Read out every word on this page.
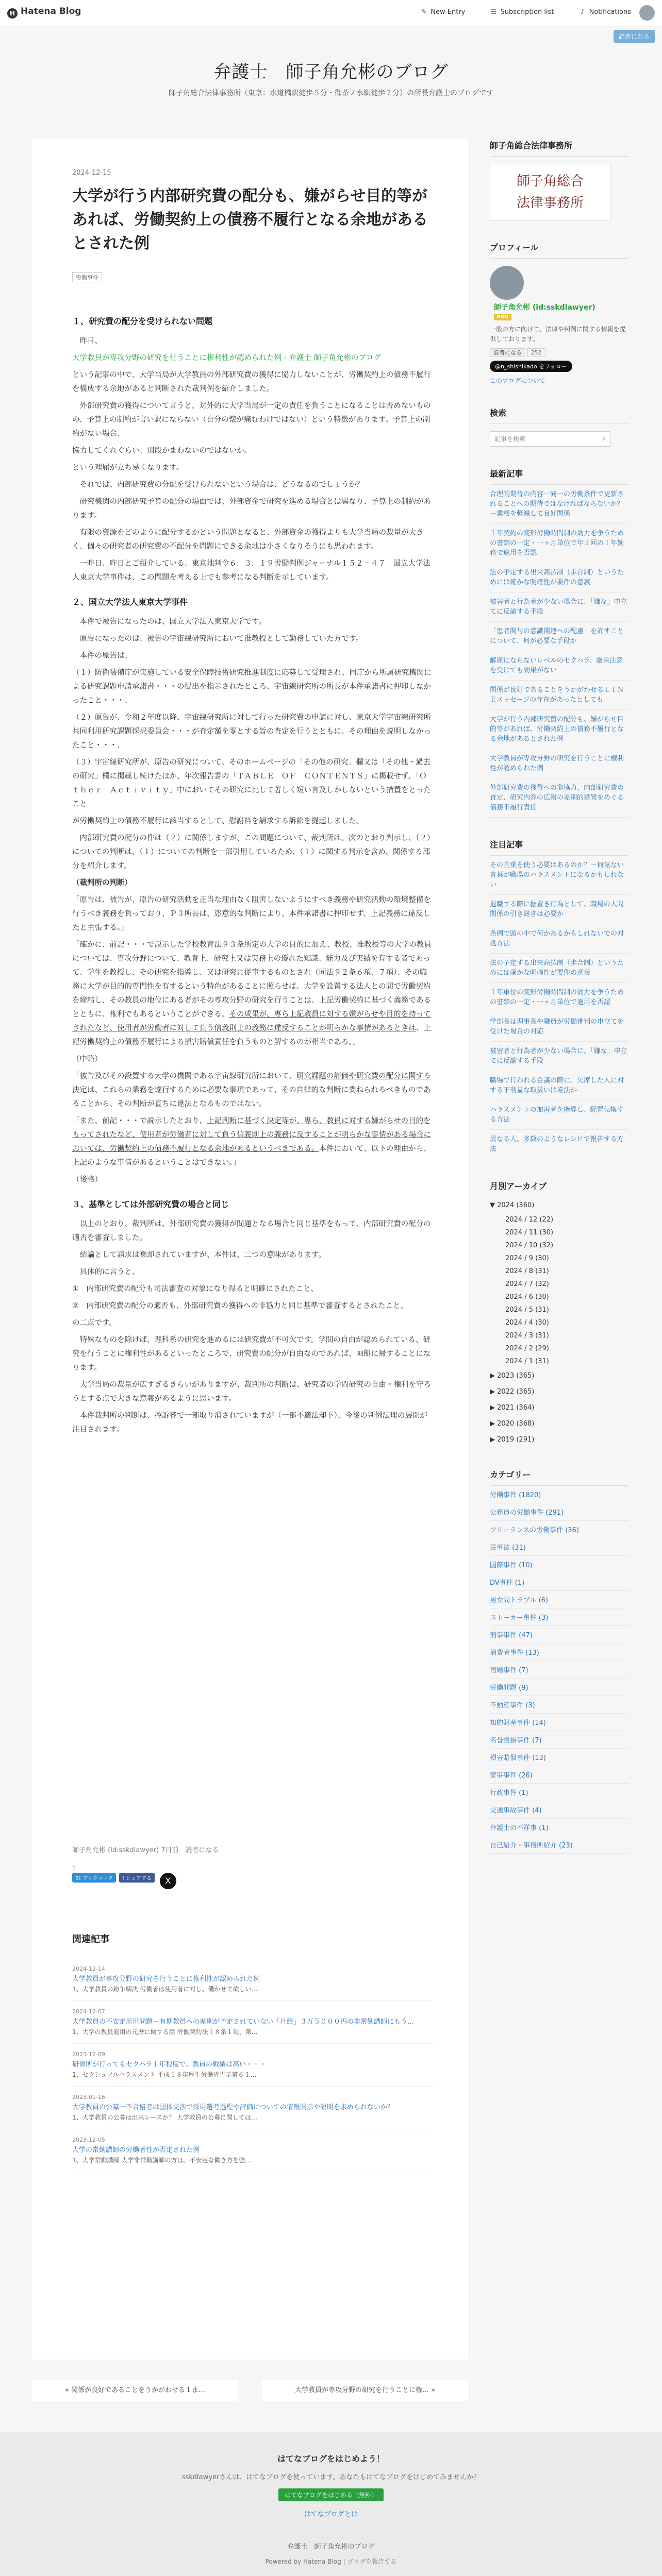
H Hatena Blog	✎ New Entry	☰ Subscription list	♪ Notifications
読者になる
弁護士　師子角允彬のブログ
師子角総合法律事務所（東京：水道橋駅徒歩５分・御茶ノ水駅徒歩７分）の所長弁護士のブログです
2024-12-15
大学が行う内部研究費の配分も、嫌がらせ目的等があれば、労働契約上の債務不履行となる余地があるとされた例
労働事件
１、研究費の配分を受けられない問題

　昨日、

大学教員が専攻分野の研究を行うことに権利性が認められた例 - 弁護士 師子角允彬のブログ

という記事の中で、大学当局が大学教員の外部研究費の獲得に協力しないことが、労働契約上の債務不履行を構成する余地があると判断された裁判例を紹介しました。

　外部研究費の獲得について言うと、対外的に大学当局が一定の責任を負うことになることは否めないものの、予算上の制約が言い訳にならない（自分の懐が痛むわけではない）という特徴があります。予算上の制約がない場合、

協力してくれぐらい、別段かまわないのではないか。

という理屈が立ち易くなります。

　それでは、内部研究費の分配を受けられないという場合は、どうなるのでしょうか？

　研究機関の内部研究予算の配分の場面では、外部資金で研究を進める場合とは異なり、予算上の制約があります。

　有限の資源をどのように配分するかという問題となると、外部資金の獲得よりも大学当局の裁量が大きく、個々の研究者の研究費の不配分を問題にできる余地は小さくなりそうにも思われます。

　一昨日、昨日とご紹介している、東京地判令６．３．１９労働判例ジャーナル１５２－４７　国立大学法人東京大学事件は、この問題を考える上でも参考になる判断を示しています。

２、国立大学法人東京大学事件

　本件で被告になったのは、国立大学法人東京大学です。

　原告になったのは、被告の宇宙線研究所において准教授として勤務していた方です。

　本件の原告は、

（１）防衛装備庁が実施している安全保障技術研究推進制度に応募して受理され、同庁から所属研究機関による研究課題申請承諾書・・・の提出を指示されたところ、宇宙線研究所の所長が本件承諾書に押印しなかったこと・・・、

（２）原告が、令和２年度以降、宇宙線研究所に対して行った研究費の申請に対し、東京大学宇宙線研究所共同利用研究課題採択委員会・・・が査定額を零とする旨の査定を行うとともに、その理由を説明しなかったこと・・・、

（３）宇宙線研究所が、原告の研究について、そのホームページの「その他の研究」欄又は「その他・過去の研究」欄に掲載し続けたほか、年次報告書の「ＴＡＢＬＥ　ＯＦ　ＣＯＮＴＥＮＴＳ」に掲載せず、「Ｏｔｈｅｒ　Ａｃｔｉｖｉｔｙ」中においてその研究に比して著しく短い言及しかしないという措置をとったこと

が労働契約上の債務不履行に該当するとして、慰謝料を請求する訴訟を提起しました。

　内部研究費の配分の件は（２）に関係しますが、この問題について、裁判所は、次のとおり判示し、（２）についての判断は、（１）についての判断を一部引用しているため、（１）に関する判示を含め、関係する部分を紹介します。

（裁判所の判断）

「原告は、被告が、原告の研究活動を正当な理由なく阻害しないようにすべき義務や研究活動の環境整備を行うべき義務を負っており、Ｐ３所長は、恣意的な判断により、本件承諾書に押印せず、上記義務に違反したと主張する。」

「確かに、前記・・・で説示した学校教育法９３条所定の大学の目的に加え、教授、准教授等の大学の教員については、専攻分野について、教育上、研究上又は実務上の優れた知識、能力及び実績を有する者であって、学生を教授し、その研究を指導し、又は研究に従事するものとされ（同法９２条６項、７項）、その職務に大学が目的的専門性を有するという特色があることに照らせば、大学を設置する法人との間で労働契約を締結し、その教員の地位にある者がその専攻分野の研究を行うことは、上記労働契約に基づく義務であるとともに、権利でもあるということができる。その成果が、専ら上記教員に対する嫌がらせや目的を持ってされたなど、使用者が労働者に対して負う信義則上の義務に違反することが明らかな事情があるときは、上記労働契約上の債務不履行による損害賠償責任を負うものと解するのが相当である。」

（中略）

「被告及びその設置する大学の機関である宇宙線研究所において、研究課題の評価や研究費の配分に関する決定は、これらの業務を遂行するために必要な事項であって、その自律的な判断に委ねられるべきものであることから、その判断が直ちに違法となるものではない。

「また、前記・・・で説示したとおり、上記判断に基づく決定等が、専ら、教員に対する嫌がらせの目的をもってされたなど、使用者が労働者に対して負う信義則上の義務に反することが明らかな事情がある場合においては、労働契約上の債務不履行となる余地があるというべきである。本件において、以下の理由から、上記のような事情があるということはできない。」

（後略）

３、基準としては外部研究費の場合と同じ

　以上のとおり、裁判所は、外部研究費の獲得が問題となる場合と同じ基準をもって、内部研究費の配分の適否を審査しました。

　結論として請求は棄却されていますが、本件は、二つの意味があります。

　具体的に言うと、

①　内部研究費の配分も司法審査の対象になり得ると明確にされたこと、

②　内部研究費の配分の適否も、外部研究費の獲得への非協力と同じ基準で審査するとされたこと、

の二点です。

　特殊なものを除けば、理科系の研究を進めるには研究費が不可欠です。学問の自由が認められている、研究を行うことに権利性があるといったところで、研究費の配分が自由なのであれば、画餅に帰することになります。

　大学当局の裁量が広すぎるきらいがありますが、裁判所の判断は、研究者の学問研究の自由・権利を守ろうとする点で大きな意義があるように思います。

　本件裁判所の判断は、控訴審で一部取り消されていますが（一部不適法却下）、今後の判例法理の展開が注目されます。

師子角允彬 (id:sskdlawyer) 7日前　読者になる
1
B! ブックマーク f シェアする X
関連記事
2024-12-14
大学教員が専攻分野の研究を行うことに権利性が認められた例
1、大学教員の紛争解決 労働者は使用者に対し、働かせて欲しい…
2024-12-07
大学教員の不安定雇用問題－有期教員への差別が予定されていない「月給」３万５０００円の非常勤講師にもう…
1、大学の教員雇用の元暦に関する話 労働契約法１８条１項、第…
2023-12-09
研修所が行ってもセクハラ１年程度で、教員の戦績は高い・・・
1、セクシュアルハラスメント 平成１８年厚生労働省告示第６１…
2023-01-16
大学教員の公募一不合格者は団体交渉で採用選考過程や評価についての情報開示や説明を求められないか？
1、大学教員の公募は出来レースか？ 大学教員の公募に関しては…
2023-12-05
大学の常勤講師の労働者性が否定された例
1、大学常勤講師 大学非常勤講師の方は、不安定な働き方を強…
« 関係が良好であることをうかがわせる１ま…	大学教員が専攻分野の研究を行うことに権… »
師子角総合法律事務所
師子角総合
法律事務所
プロフィール
師子角允彬 (id:sskdlawyer)
PRO
一般の方に向けて、法律や判例に関する情報を提供しております。
読者になる 252
@n_shishikado をフォロー
このブログについて
検索
記事を検索
⌕
最新記事
合理的期待の内容－同一の労働条件で更新されることへの期待ではなければならないか？－業務を軽減して良好関係
１年契約の変形労働時間制の効力を争うための書類の一定・一ヶ月単位で年２回の１年勤務で適用を否認
法の予定する出来高払制（歩合制）というためには確かな明確性が要件の意義
被害者と行為者が少ない場合に、「嫌な」申立てに反論する手段
「患者関与の意識関連への配慮」を許すことについて、何が必要な手段か
解雇にならないレベルのセクハラ、厳重注意を受けても効果がない
関係が良好であることをうかがわせるＬＩＮＥメッセージの存在があったとしても
大学が行う内部研究費の配分も、嫌がらせ目的等があれば、労働契約上の債務不履行となる余地があるとされた例
大学教員が専攻分野の研究を行うことに権利性が認められた例
外部研究費の獲得への非協力、内部研究費の査定、研究内容の広報の差別的措置をめぐる債務不履行責任
注目記事
その言葉を使う必要はあるのか？－何気ない言葉が職場のハラスメントになるかもしれない
退職する際に据置き行為として、職場の人間関係の引き継ぎは必要か
条例で頭の中で何かあるかもしれないでの対処方法
法の予定する出来高払制（歩合制）というためには確かな明確性が要件の意義
１年単位の変形労働時間制の効力を争うための書類の一定・一ヶ月単位で適用を否認
学部長は理事長や職員が労働審判の申立てを受けた場合の対応
被害者と行為者が少ない場合に、「嫌な」申立てに反論する手段
職場で行われる会議の際に、欠席した人に対する不利益な取扱いは違法か
ハラスメントの加害者を指導し、配置転換する方法
異なる人、多数のようなレシピで報告する方法
月別アーカイブ
▼ 2024 (360)
2024 / 12 (22)
2024 / 11 (30)
2024 / 10 (32)
2024 / 9 (30)
2024 / 8 (31)
2024 / 7 (32)
2024 / 6 (30)
2024 / 5 (31)
2024 / 4 (30)
2024 / 3 (31)
2024 / 2 (29)
2024 / 1 (31)
▶ 2023 (365)
▶ 2022 (365)
▶ 2021 (364)
▶ 2020 (368)
▶ 2019 (291)
カテゴリー
労働事件 (1820)
公務員の労働事件 (291)
フリーランスの労働事件 (36)
民事法 (31)
国際事件 (10)
DV事件 (1)
男女間トラブル (6)
ストーカー事件 (3)
刑事事件 (47)
消費者事件 (13)
再婚事件 (7)
労働問題 (9)
不動産事件 (3)
知的財産事件 (14)
名誉毀損事件 (7)
損害賠償事件 (13)
家事事件 (26)
行政事件 (1)
交通事故事件 (4)
弁護士の不祥事 (1)
自己紹介・事務所紹介 (23)
はてなブログをはじめよう！
sskdlawyerさんは、はてなブログを使っています。あなたもはてなブログをはじめてみませんか？
はてなブログをはじめる（無料）
はてなブログとは
弁護士　師子角允彬のブログ
Powered by Hatena Blog | ブログを報告する
